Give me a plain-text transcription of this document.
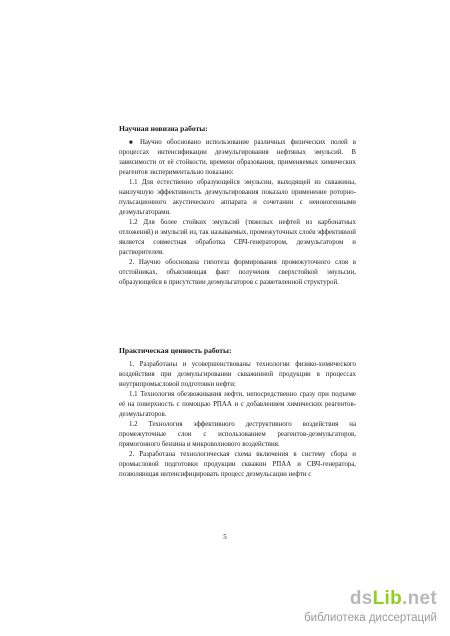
Научная новизна работы:

■ Научно обосновано использование различных физических полей в процессах интенсификации деэмульгирования нефтяных эмульсий. В зависимости от её стойкости, времени образования, применяемых химических реагентов экспериментально показано:

1.1 Для естественно образующейся эмульсии, выходящей из скважины, наилучшую эффективность деэмульгирования показало применение роторно-пульсационного акустического аппарата и сочетании с неионогенными деэмульгаторами.

1.2 Для более стойких эмульсий (тяжелых нефтей из карбонатных отложений) и эмульсий из, так называемых, промежуточных слоёв эффективной является совместная обработка СВЧ-генератором, деэмульгатором и растворителем.

2. Научно обоснована гипотеза формирования промежуточного слоя в отстойниках, объясняющая факт получения сверхстойкой эмульсии, образующейся в присутствии деэмульгаторов с разветвленной структурой.

Практическая ценность работы:

1. Разработаны и усовершенствованы технологии физико-химического воздействия при деэмульгировании скважинной продукции в процессах внутрипромысловой подготовки нефти:

1.1 Технология обезвоживания нефти, непосредственно сразу при подъеме её на поверхность с помощью РПАА и с добавлением химических реагентов-деэмульгаторов.

1.2 Технология эффективного деструктивного воздействия на промежуточные слои с использованием реагентов-деэмульгаторов, прямогонного бензина и микроволнового воздействия.

2. Разработана технологическая схема включения в систему сбора и промысловой подготовки продукции скважин РПАА и СВЧ-генератора, позволяющая интенсифицировать процесс деэмульсации нефти с

5
dsLib.net
библиотека диссертаций
